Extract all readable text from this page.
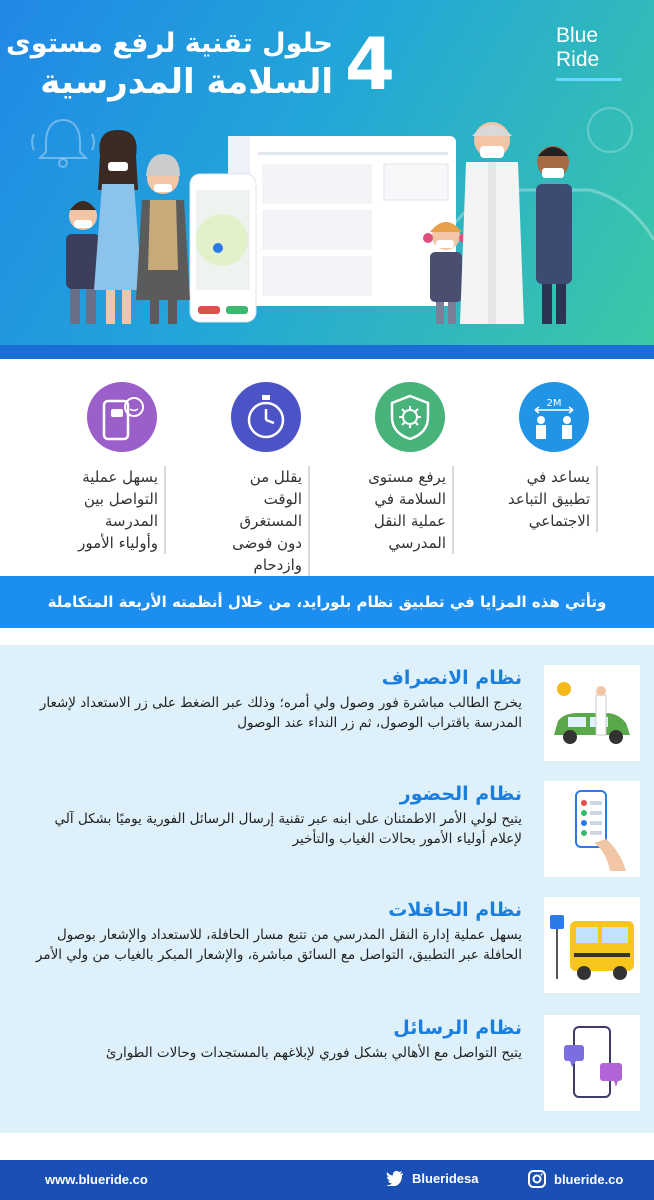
4
حلول تقنية لرفع مستوى
السلامة المدرسية
Blue
Ride
2M
يساعد في تطبيق التباعد الاجتماعي
يرفع مستوى السلامة في عملية النقل المدرسي
يقلل من الوقت المستغرق دون فوضى وازدحام
يسهل عملية التواصل بين المدرسة وأولياء الأمور
وتأتي هذه المزايا في تطبيق نظام بلورايد، من خلال أنظمته الأربعة المتكاملة
نظام الانصراف
يخرج الطالب مباشرة فور وصول ولي أمره؛ وذلك عبر الضغط على زر الاستعداد لإشعار المدرسة باقتراب الوصول، ثم زر النداء عند الوصول
نظام الحضور
يتيح لولي الأمر الاطمئنان على ابنه عبر تقنية إرسال الرسائل الفورية يوميًا بشكل آلي لإعلام أولياء الأمور بحالات الغياب والتأخير
نظام الحافلات
يسهل عملية إدارة النقل المدرسي من تتبع مسار الحافلة، للاستعداد والإشعار بوصول الحافلة عبر التطبيق، التواصل مع السائق مباشرة، والإشعار المبكر بالغياب من ولي الأمر
نظام الرسائل
يتيح التواصل مع الأهالي بشكل فوري لإبلاغهم بالمستجدات وحالات الطوارئ
www.blueride.co	Blueridesa	blueride.co
